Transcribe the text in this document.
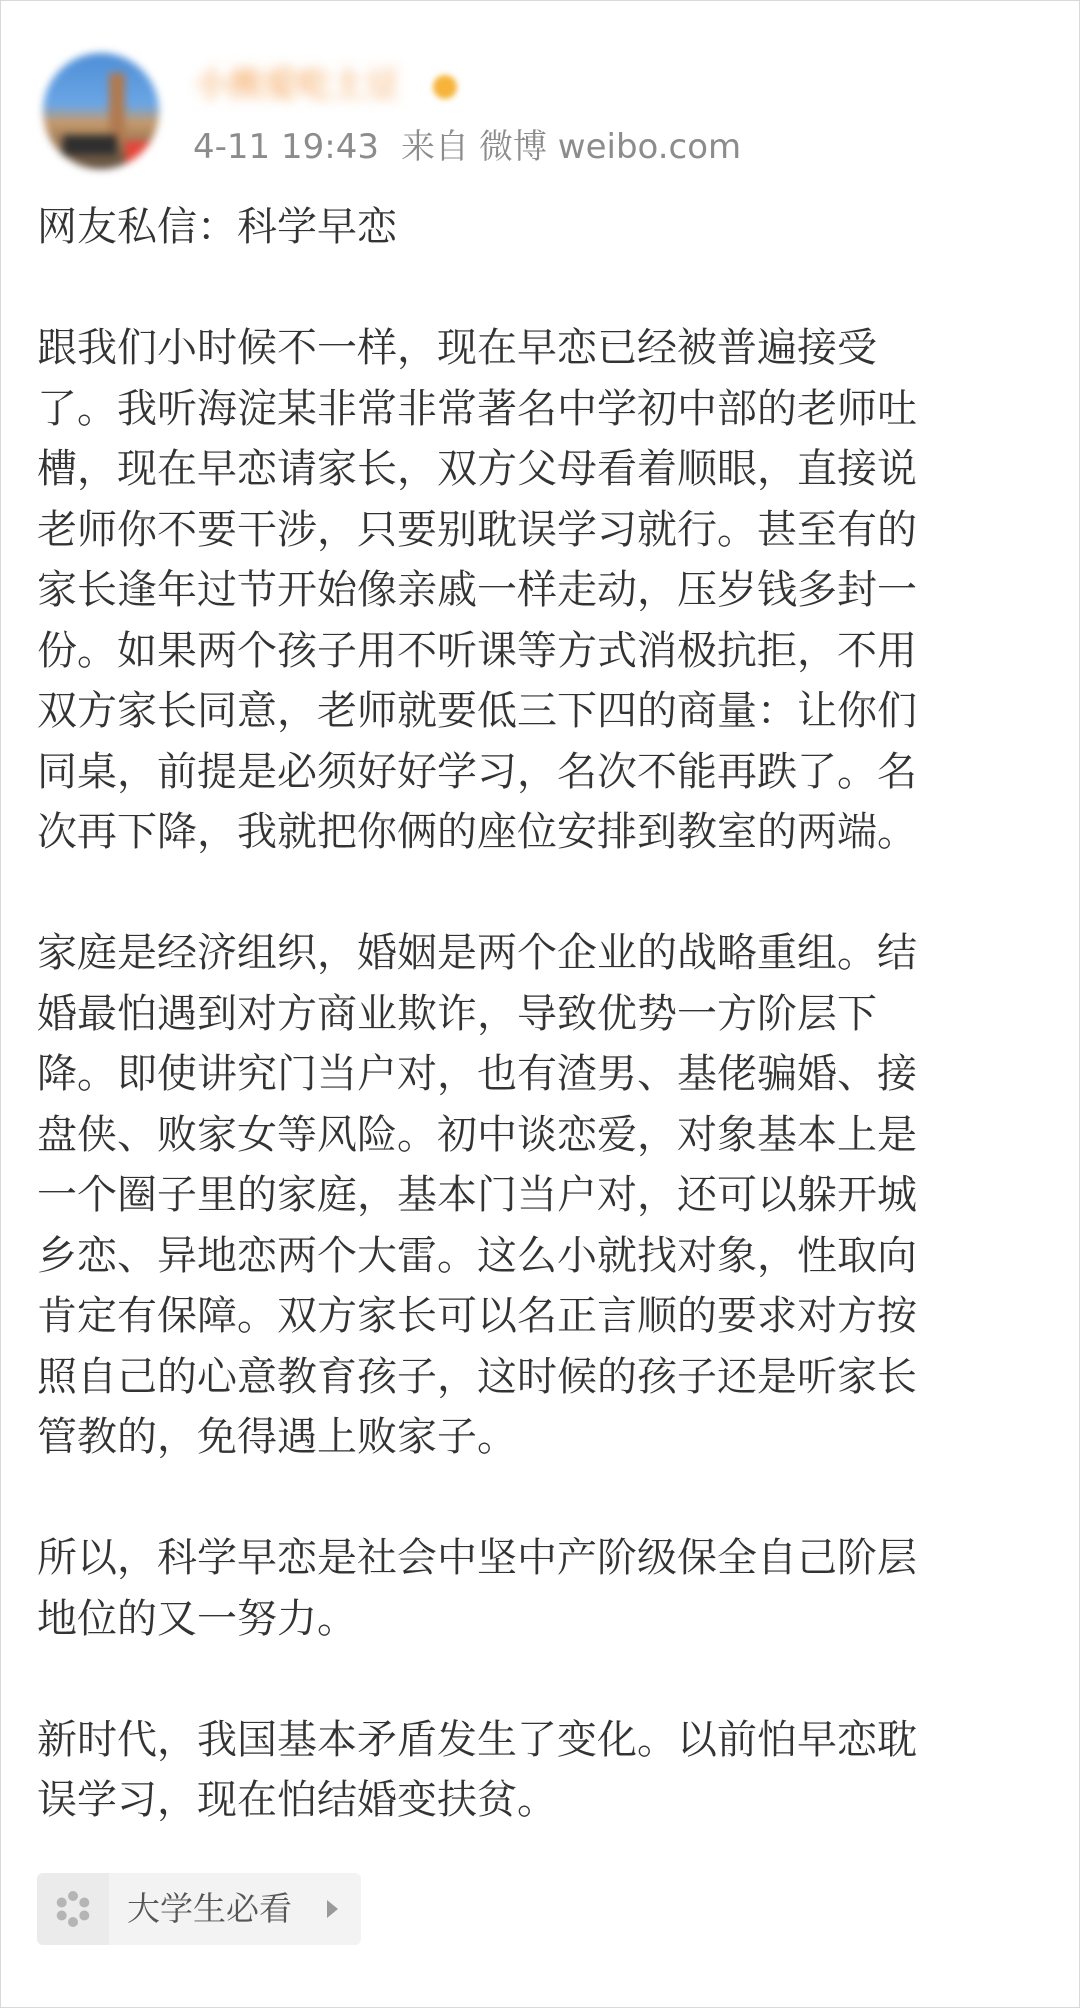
小熊爱吃土豆
4-11 19:43 来自 微博 weibo.com

网友私信：科学早恋

跟我们小时候不一样，现在早恋已经被普遍接受

了。我听海淀某非常非常著名中学初中部的老师吐

槽，现在早恋请家长，双方父母看着顺眼，直接说

老师你不要干涉，只要别耽误学习就行。甚至有的

家长逢年过节开始像亲戚一样走动，压岁钱多封一

份。如果两个孩子用不听课等方式消极抗拒，不用

双方家长同意，老师就要低三下四的商量：让你们

同桌，前提是必须好好学习，名次不能再跌了。名

次再下降，我就把你俩的座位安排到教室的两端。

家庭是经济组织，婚姻是两个企业的战略重组。结

婚最怕遇到对方商业欺诈，导致优势一方阶层下

降。即使讲究门当户对，也有渣男、基佬骗婚、接

盘侠、败家女等风险。初中谈恋爱，对象基本上是

一个圈子里的家庭，基本门当户对，还可以躲开城

乡恋、异地恋两个大雷。这么小就找对象，性取向

肯定有保障。双方家长可以名正言顺的要求对方按

照自己的心意教育孩子，这时候的孩子还是听家长

管教的，免得遇上败家子。

所以，科学早恋是社会中坚中产阶级保全自己阶层

地位的又一努力。

新时代，我国基本矛盾发生了变化。以前怕早恋耽

误学习，现在怕结婚变扶贫。

大学生必看
